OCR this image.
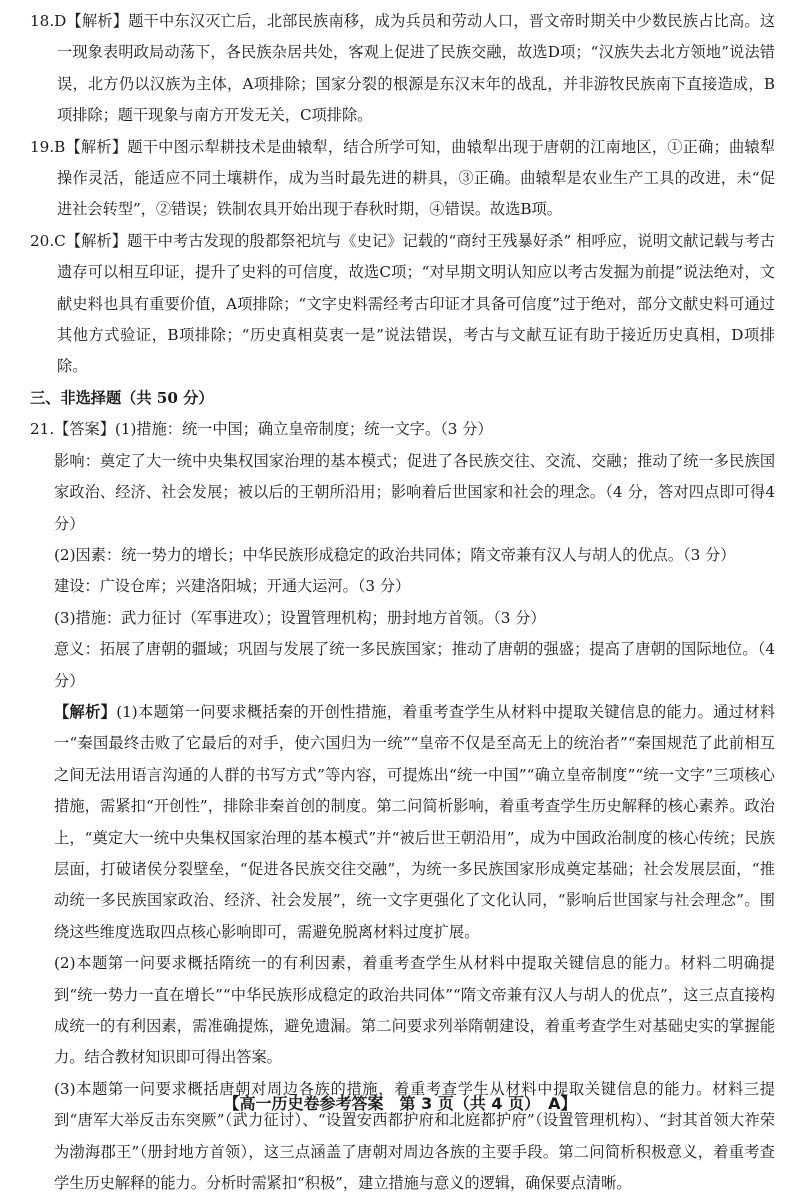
18.D【解析】题干中东汉灭亡后，北部民族南移，成为兵员和劳动人口，晋文帝时期关中少数民族占比高。这一现象表明政局动荡下，各民族杂居共处，客观上促进了民族交融，故选D项；“汉族失去北方领地”说法错误，北方仍以汉族为主体，A项排除；国家分裂的根源是东汉末年的战乱，并非游牧民族南下直接造成，B项排除；题干现象与南方开发无关，C项排除。

19.B【解析】题干中图示犁耕技术是曲辕犁，结合所学可知，曲辕犁出现于唐朝的江南地区，①正确；曲辕犁操作灵活，能适应不同土壤耕作，成为当时最先进的耕具，③正确。曲辕犁是农业生产工具的改进，未“促进社会转型”，②错误；铁制农具开始出现于春秋时期，④错误。故选B项。

20.C【解析】题干中考古发现的殷都祭祀坑与《史记》记载的“商纣王残暴好杀” 相呼应，说明文献记载与考古遗存可以相互印证，提升了史料的可信度，故选C项；“对早期文明认知应以考古发掘为前提”说法绝对，文献史料也具有重要价值，A项排除；“文字史料需经考古印证才具备可信度”过于绝对，部分文献史料可通过其他方式验证，B项排除；“历史真相莫衷一是”说法错误，考古与文献互证有助于接近历史真相，D项排除。

三、非选择题（共 50 分）

21.【答案】(1)措施：统一中国；确立皇帝制度；统一文字。（3 分）

影响：奠定了大一统中央集权国家治理的基本模式；促进了各民族交往、交流、交融；推动了统一多民族国家政治、经济、社会发展；被以后的王朝所沿用；影响着后世国家和社会的理念。（4 分，答对四点即可得4分）

(2)因素：统一势力的增长；中华民族形成稳定的政治共同体；隋文帝兼有汉人与胡人的优点。（3 分）

建设：广设仓库；兴建洛阳城；开通大运河。（3 分）

(3)措施：武力征讨（军事进攻）；设置管理机构；册封地方首领。（3 分）

意义：拓展了唐朝的疆域；巩固与发展了统一多民族国家；推动了唐朝的强盛；提高了唐朝的国际地位。（4 分）

【解析】(1)本题第一问要求概括秦的开创性措施，着重考查学生从材料中提取关键信息的能力。通过材料一“秦国最终击败了它最后的对手，使六国归为一统”“皇帝不仅是至高无上的统治者”“秦国规范了此前相互之间无法用语言沟通的人群的书写方式”等内容，可提炼出“统一中国”“确立皇帝制度”“统一文字”三项核心措施，需紧扣“开创性”，排除非秦首创的制度。第二问简析影响，着重考查学生历史解释的核心素养。政治上，“奠定大一统中央集权国家治理的基本模式”并“被后世王朝沿用”，成为中国政治制度的核心传统；民族层面，打破诸侯分裂壁垒，“促进各民族交往交融”，为统一多民族国家形成奠定基础；社会发展层面，“推动统一多民族国家政治、经济、社会发展”，统一文字更强化了文化认同，“影响后世国家与社会理念”。围绕这些维度选取四点核心影响即可，需避免脱离材料过度扩展。

(2)本题第一问要求概括隋统一的有利因素，着重考查学生从材料中提取关键信息的能力。材料二明确提到“统一势力一直在增长”“中华民族形成稳定的政治共同体”“隋文帝兼有汉人与胡人的优点”，这三点直接构成统一的有利因素，需准确提炼，避免遗漏。第二问要求列举隋朝建设，着重考查学生对基础史实的掌握能力。结合教材知识即可得出答案。

(3)本题第一问要求概括唐朝对周边各族的措施，着重考查学生从材料中提取关键信息的能力。材料三提到“唐军大举反击东突厥”（武力征讨）、“设置安西都护府和北庭都护府”（设置管理机构）、“封其首领大祚荣为渤海郡王”（册封地方首领），这三点涵盖了唐朝对周边各族的主要手段。第二问简析积极意义，着重考查学生历史解释的能力。分析时需紧扣“积极”，建立措施与意义的逻辑，确保要点清晰。

【高一历史卷参考答案　第 3 页（共 4 页）　A】
